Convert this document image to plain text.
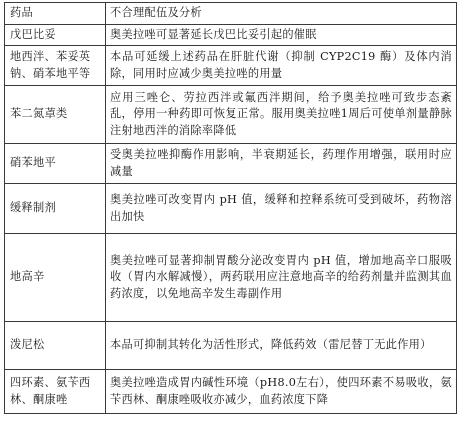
药品	不合理配伍及分析
戊巴比妥	奥美拉唑可显著延长戊巴比妥引起的催眠
地西泮、苯妥英钠、硝苯地平等	本品可延缓上述药品在肝脏代谢（抑制 CYP2C19 酶）及体内消除，同用时应减少奥美拉唑的用量
苯二氮䓬类	应用三唑仑、劳拉西泮或氟西泮期间，给予奥美拉唑可致步态紊乱，停用一种药即可恢复正常。服用奥美拉唑1周后可使单剂量静脉注射地西泮的消除率降低
硝苯地平	受奥美拉唑抑酶作用影响，半衰期延长，药理作用增强，联用时应减量
缓释制剂	奥美拉唑可改变胃内 pH 值，缓释和控释系统可受到破坏，药物溶出加快
地高辛	奥美拉唑可显著抑制胃酸分泌改变胃内 pH 值，增加地高辛口服吸收（胃内水解减慢），两药联用应注意地高辛的给药剂量并监测其血药浓度，以免地高辛发生毒副作用
泼尼松	本品可抑制其转化为活性形式，降低药效（雷尼替丁无此作用）
四环素、氨苄西林、酮康唑	奥美拉唑造成胃内碱性环境（pH8.0左右），使四环素不易吸收，氨苄西林、酮康唑吸收亦减少，血药浓度下降
